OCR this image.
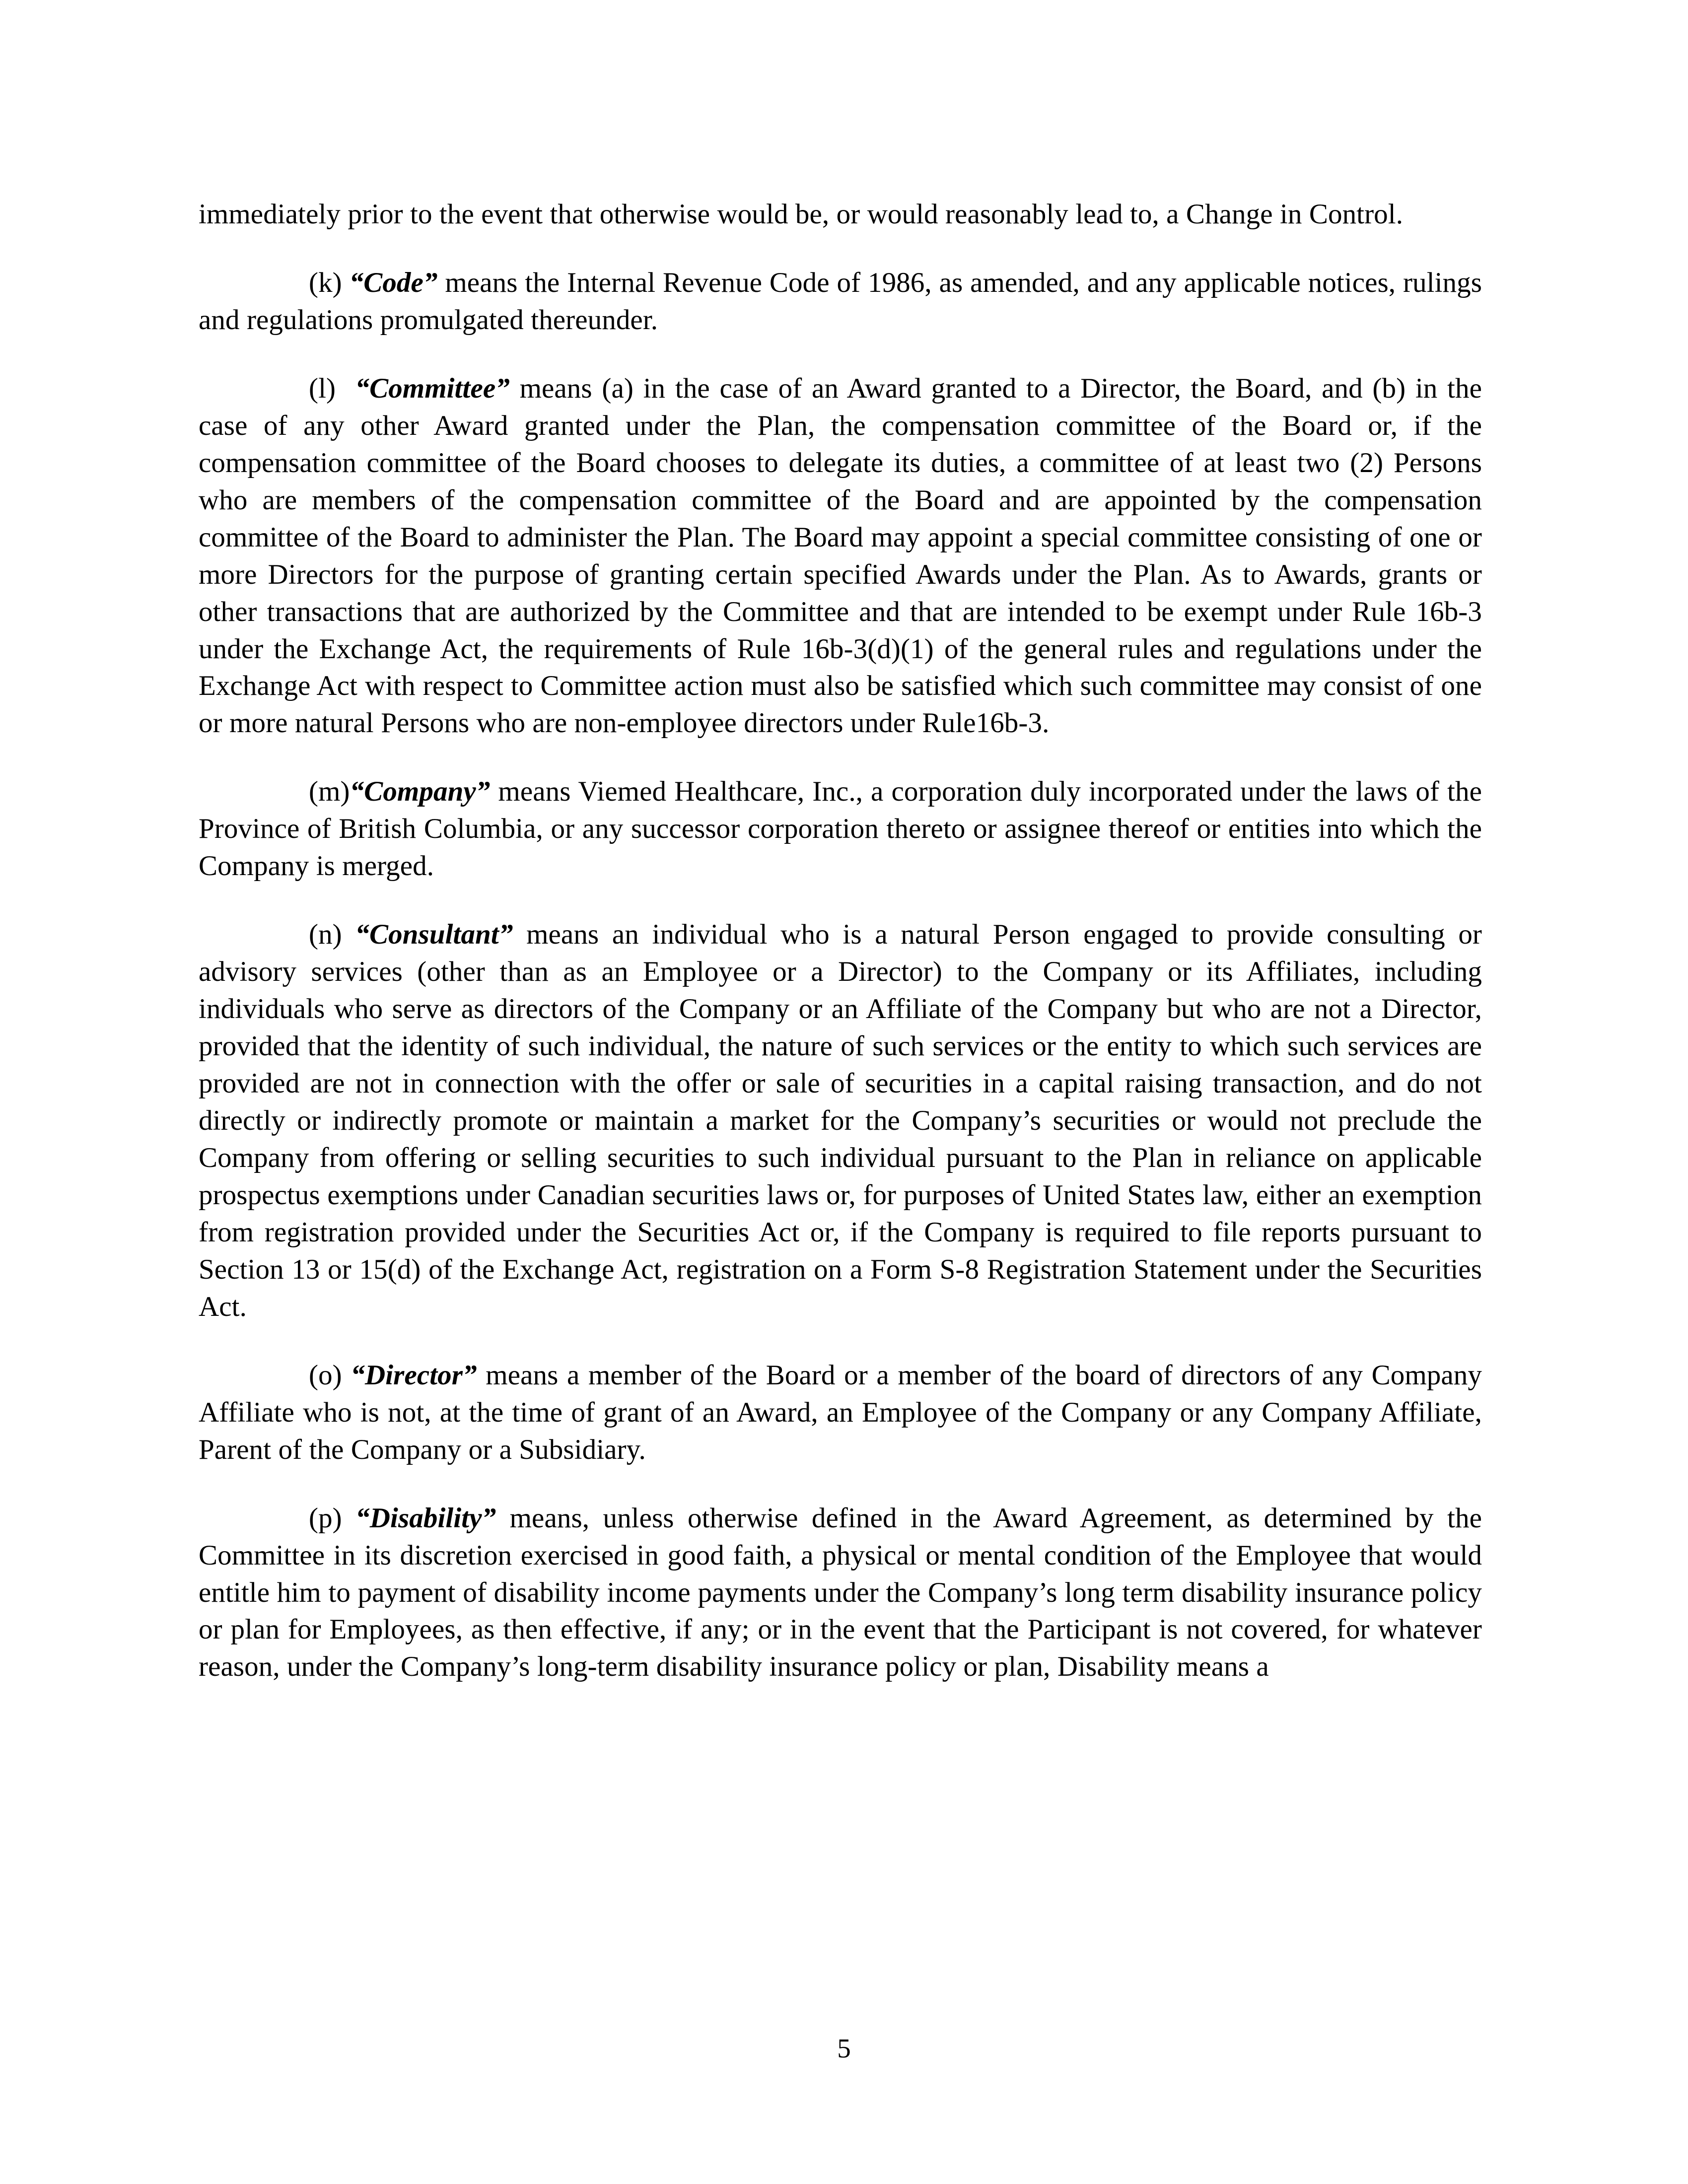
immediately prior to the event that otherwise would be, or would reasonably lead to, a Change in Control.

(k) “Code” means the Internal Revenue Code of 1986, as amended, and any applicable notices, rulings and regulations promulgated thereunder.

(l) “Committee” means (a) in the case of an Award granted to a Director, the Board, and (b) in the case of any other Award granted under the Plan, the compensation committee of the Board or, if the compensation committee of the Board chooses to delegate its duties, a committee of at least two (2) Persons who are members of the compensation committee of the Board and are appointed by the compensation committee of the Board to administer the Plan. The Board may appoint a special committee consisting of one or more Directors for the purpose of granting certain specified Awards under the Plan. As to Awards, grants or other transactions that are authorized by the Committee and that are intended to be exempt under Rule 16b-3 under the Exchange Act, the requirements of Rule 16b-3(d)(1) of the general rules and regulations under the Exchange Act with respect to Committee action must also be satisfied which such committee may consist of one or more natural Persons who are non-employee directors under Rule16b-3.

(m)“Company” means Viemed Healthcare, Inc., a corporation duly incorporated under the laws of the Province of British Columbia, or any successor corporation thereto or assignee thereof or entities into which the Company is merged.

(n) “Consultant” means an individual who is a natural Person engaged to provide consulting or advisory services (other than as an Employee or a Director) to the Company or its Affiliates, including individuals who serve as directors of the Company or an Affiliate of the Company but who are not a Director, provided that the identity of such individual, the nature of such services or the entity to which such services are provided are not in connection with the offer or sale of securities in a capital raising transaction, and do not directly or indirectly promote or maintain a market for the Company’s securities or would not preclude the Company from offering or selling securities to such individual pursuant to the Plan in reliance on applicable prospectus exemptions under Canadian securities laws or, for purposes of United States law, either an exemption from registration provided under the Securities Act or, if the Company is required to file reports pursuant to Section 13 or 15(d) of the Exchange Act, registration on a Form S-8 Registration Statement under the Securities Act.

(o) “Director” means a member of the Board or a member of the board of directors of any Company Affiliate who is not, at the time of grant of an Award, an Employee of the Company or any Company Affiliate, Parent of the Company or a Subsidiary.

(p) “Disability” means, unless otherwise defined in the Award Agreement, as determined by the Committee in its discretion exercised in good faith, a physical or mental condition of the Employee that would entitle him to payment of disability income payments under the Company’s long term disability insurance policy or plan for Employees, as then effective, if any; or in the event that the Participant is not covered, for whatever reason, under the Company’s long-term disability insurance policy or plan, Disability means a

5
